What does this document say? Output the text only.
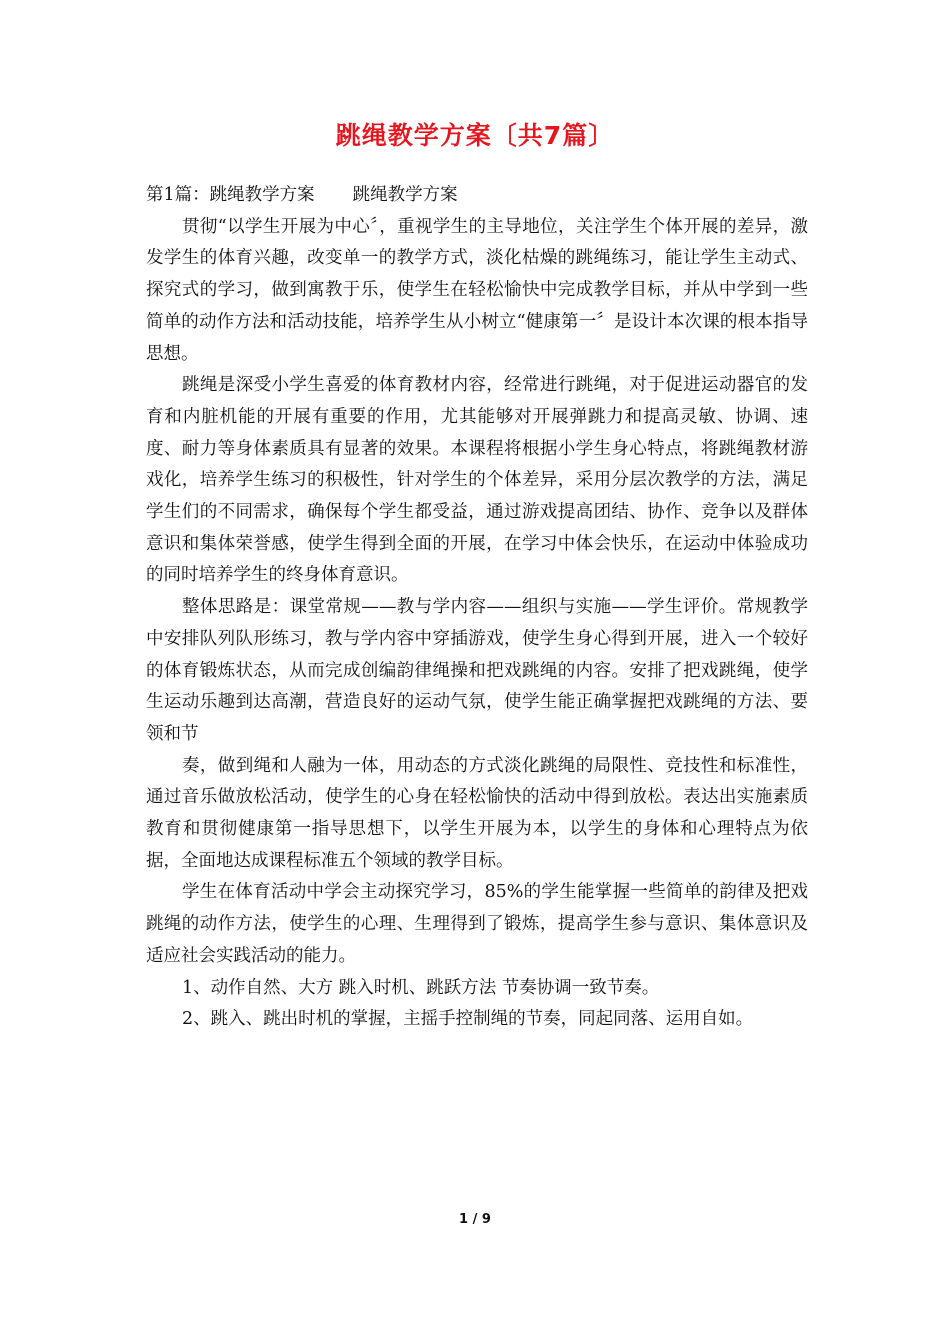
跳绳教学方案〔共7篇〕
第1篇：跳绳教学方案 跳绳教学方案

贯彻“以学生开展为中心〞，重视学生的主导地位，关注学生个体开展的差异，激发学生的体育兴趣，改变单一的教学方式，淡化枯燥的跳绳练习，能让学生主动式、探究式的学习，做到寓教于乐，使学生在轻松愉快中完成教学目标，并从中学到一些简单的动作方法和活动技能，培养学生从小树立“健康第一〞是设计本次课的根本指导思想。

跳绳是深受小学生喜爱的体育教材内容，经常进行跳绳，对于促进运动器官的发育和内脏机能的开展有重要的作用，尤其能够对开展弹跳力和提高灵敏、协调、速度、耐力等身体素质具有显著的效果。本课程将根据小学生身心特点，将跳绳教材游戏化，培养学生练习的积极性，针对学生的个体差异，采用分层次教学的方法，满足学生们的不同需求，确保每个学生都受益，通过游戏提高团结、协作、竞争以及群体意识和集体荣誉感，使学生得到全面的开展，在学习中体会快乐，在运动中体验成功的同时培养学生的终身体育意识。

整体思路是：课堂常规——教与学内容——组织与实施——学生评价。常规教学中安排队列队形练习，教与学内容中穿插游戏，使学生身心得到开展，进入一个较好的体育锻炼状态，从而完成创编韵律绳操和把戏跳绳的内容。安排了把戏跳绳，使学生运动乐趣到达高潮，营造良好的运动气氛，使学生能正确掌握把戏跳绳的方法、要领和节

奏，做到绳和人融为一体，用动态的方式淡化跳绳的局限性、竞技性和标准性，通过音乐做放松活动，使学生的心身在轻松愉快的活动中得到放松。表达出实施素质教育和贯彻健康第一指导思想下，以学生开展为本，以学生的身体和心理特点为依据，全面地达成课程标准五个领域的教学目标。

学生在体育活动中学会主动探究学习，85%的学生能掌握一些简单的韵律及把戏跳绳的动作方法，使学生的心理、生理得到了锻炼，提高学生参与意识、集体意识及适应社会实践活动的能力。

1、动作自然、大方 跳入时机、跳跃方法 节奏协调一致节奏。

2、跳入、跳出时机的掌握，主摇手控制绳的节奏，同起同落、运用自如。

1 / 9
